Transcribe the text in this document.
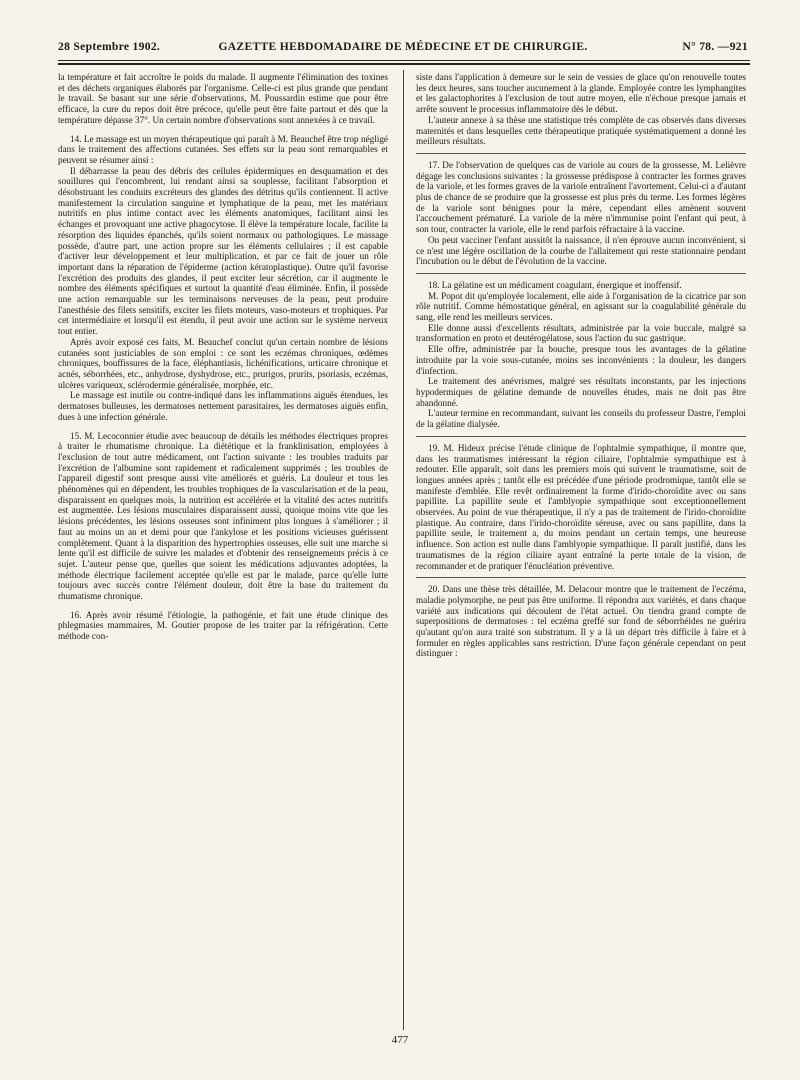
28 Septembre 1902.	GAZETTE HEBDOMADAIRE DE MÉDECINE ET DE CHIRURGIE.	N° 78. —921

la température et fait accroître le poids du malade. Il augmente l'élimination des toxines et des déchets organiques élaborés par l'organisme. Celle-ci est plus grande que pendant le travail. Se basant sur une série d'observations, M. Poussardin estime que pour être efficace, la cure du repos doit être précoce, qu'elle peut être faite partout et dès que la température dépasse 37°. Un certain nombre d'observations sont annexées à ce travail.

14. Le massage est un moyen thérapeutique qui paraît à M. Beauchef être trop négligé dans le traitement des affections cutanées. Ses effets sur la peau sont remarquables et peuvent se résumer ainsi :

Il débarrasse la peau des débris des cellules épidermiques en desquamation et des souillures qui l'encombrent, lui rendant ainsi sa souplesse, facilitant l'absorption et désobstruant les conduits excréteurs des glandes des détritus qu'ils contiennent. Il active manifestement la circulation sanguine et lymphatique de la peau, met les matériaux nutritifs en plus intime contact avec les éléments anatomiques, facilitant ainsi les échanges et provoquant une active phagocytose. Il élève la température locale, facilite la résorption des liquides épanchés, qu'ils soient normaux ou pathologiques. Le massage possède, d'autre part, une action propre sur les éléments cellulaires ; il est capable d'activer leur développement et leur multiplication, et par ce fait de jouer un rôle important dans la réparation de l'épiderme (action kératoplastique). Outre qu'il favorise l'excrétion des produits des glandes, il peut exciter leur sécrétion, car il augmente le nombre des éléments spécifiques et surtout la quantité d'eau éliminée. Enfin, il possède une action remarquable sur les terminaisons nerveuses de la peau, peut produire l'anesthésie des filets sensitifs, exciter les filets moteurs, vaso-moteurs et trophiques. Par cet intermédiaire et lorsqu'il est étendu, il peut avoir une action sur le système nerveux tout entier.

Après avoir exposé ces faits, M. Beauchef conclut qu'un certain nombre de lésions cutanées sont justiciables de son emploi : ce sont les eczémas chroniques, œdèmes chroniques, bouffissures de la face, éléphantiasis, lichénifications, urticaire chronique et acnés, séborrhées, etc., anhydrose, dyshydrose, etc., prurigos, prurits, psoriasis, eczémas, ulcères variqueux, sclérodermie généralisée, morphée, etc.

Le massage est inutile ou contre-indiqué dans les inflammations aiguës étendues, les dermatoses bulleuses, les dermatoses nettement parasitaires, les dermatoses aiguës enfin, dues à une infection générale.

15. M. Lecoconnier étudie avec beaucoup de détails les méthodes électriques propres à traiter le rhumatisme chronique. La diététique et la franklinisation, employées à l'exclusion de tout autre médicament, ont l'action suivante : les troubles traduits par l'excrétion de l'albumine sont rapidement et radicalement supprimés ; les troubles de l'appareil digestif sont presque aussi vite améliorés et guéris. La douleur et tous les phénomènes qui en dépendent, les troubles trophiques de la vascularisation et de la peau, disparaissent en quelques mois, la nutrition est accélérée et la vitalité des actes nutritifs est augmentée. Les lésions musculaires disparaissent aussi, quoique moins vite que les lésions précédentes, les lésions osseuses sont infiniment plus longues à s'améliorer ; il faut au moins un an et demi pour que l'ankylose et les positions vicieuses guérissent complètement. Quant à la disparition des hypertrophies osseuses, elle suit une marche si lente qu'il est difficile de suivre les malades et d'obtenir des renseignements précis à ce sujet. L'auteur pense que, quelles que soient les médications adjuvantes adoptées, la méthode électrique facilement acceptée qu'elle est par le malade, parce qu'elle lutte toujours avec succès contre l'élément douleur, doit être la base du traitement du rhumatisme chronique.

16. Après avoir résumé l'étiologie, la pathogénie, et fait une étude clinique des phlegmasies mammaires, M. Goutier propose de les traiter par la réfrigération. Cette méthode con-

siste dans l'application à demeure sur le sein de vessies de glace qu'on renouvelle toutes les deux heures, sans toucher aucunement à la glande. Employée contre les lymphangites et les galactophorites à l'exclusion de tout autre moyen, elle n'échoue presque jamais et arrête souvent le processus inflammatoire dès le début.

L'auteur annexe à sa thèse une statistique très complète de cas observés dans diverses maternités et dans lesquelles cette thérapeutique pratiquée systématiquement a donné les meilleurs résultats.

17. De l'observation de quelques cas de variole au cours de la grossesse, M. Lelièvre dégage les conclusions suivantes : la grossesse prédispose à contracter les formes graves de la variole, et les formes graves de la variole entraînent l'avortement. Celui-ci a d'autant plus de chance de se produire que la grossesse est plus près du terme. Les formes légères de la variole sont bénignes pour la mère, cependant elles amènent souvent l'accouchement prématuré. La variole de la mère n'immunise point l'enfant qui peut, à son tour, contracter la variole, elle le rend parfois réfractaire à la vaccine.

On peut vacciner l'enfant aussitôt la naissance, il n'en éprouve aucun inconvénient, si ce n'est une légère oscillation de la courbe de l'allaitement qui reste stationnaire pendant l'incubation ou le début de l'évolution de la vaccine.

18. La gélatine est un médicament coagulant, énergique et inoffensif.

M. Popot dit qu'employée localement, elle aide à l'organisation de la cicatrice par son rôle nutritif. Comme hémostatique général, en agissant sur la coagulabilité générale du sang, elle rend les meilleurs services.

Elle donne aussi d'excellents résultats, administrée par la voie buccale, malgré sa transformation en proto et deutérogélatose, sous l'action du suc gastrique.

Elle offre, administrée par la bouche, presque tous les avantages de la gélatine introduite par la voie sous-cutanée, moins ses inconvénients : la douleur, les dangers d'infection.

Le traitement des anévrismes, malgré ses résultats inconstants, par les injections hypodermiques de gélatine demande de nouvelles études, mais ne doit pas être abandonné.

L'auteur termine en recommandant, suivant les conseils du professeur Dastre, l'emploi de la gélatine dialysée.

19. M. Hideux précise l'étude clinique de l'ophtalmie sympathique, il montre que, dans les traumatismes intéressant la région ciliaire, l'ophtalmie sympathique est à redouter. Elle apparaît, soit dans les premiers mois qui suivent le traumatisme, soit de longues années après ; tantôt elle est précédée d'une période prodromique, tantôt elle se manifeste d'emblée. Elle revêt ordinairement la forme d'irido-choroïdite avec ou sans papillite. La papillite seule et l'amblyopie sympathique sont exceptionnellement observées. Au point de vue thérapeutique, il n'y a pas de traitement de l'irido-choroïdite plastique. Au contraire, dans l'irido-choroïdite séreuse, avec ou sans papillite, dans la papillite seule, le traitement a, du moins pendant un certain temps, une heureuse influence. Son action est nulle dans l'amblyopie sympathique. Il paraît justifié, dans les traumatismes de la région ciliaire ayant entraîné la perte totale de la vision, de recommander et de pratiquer l'énucléation préventive.

20. Dans une thèse très détaillée, M. Delacour montre que le traitement de l'eczéma, maladie polymorphe, ne peut pas être uniforme. Il répondra aux variétés, et dans chaque variété aux indications qui découlent de l'état actuel. On tiendra grand compte de superpositions de dermatoses : tel eczéma greffé sur fond de séborrhéides ne guérira qu'autant qu'on aura traité son substratum. Il y a là un départ très difficile à faire et à formuler en règles applicables sans restriction. D'une façon générale cependant on peut distinguer :

477
